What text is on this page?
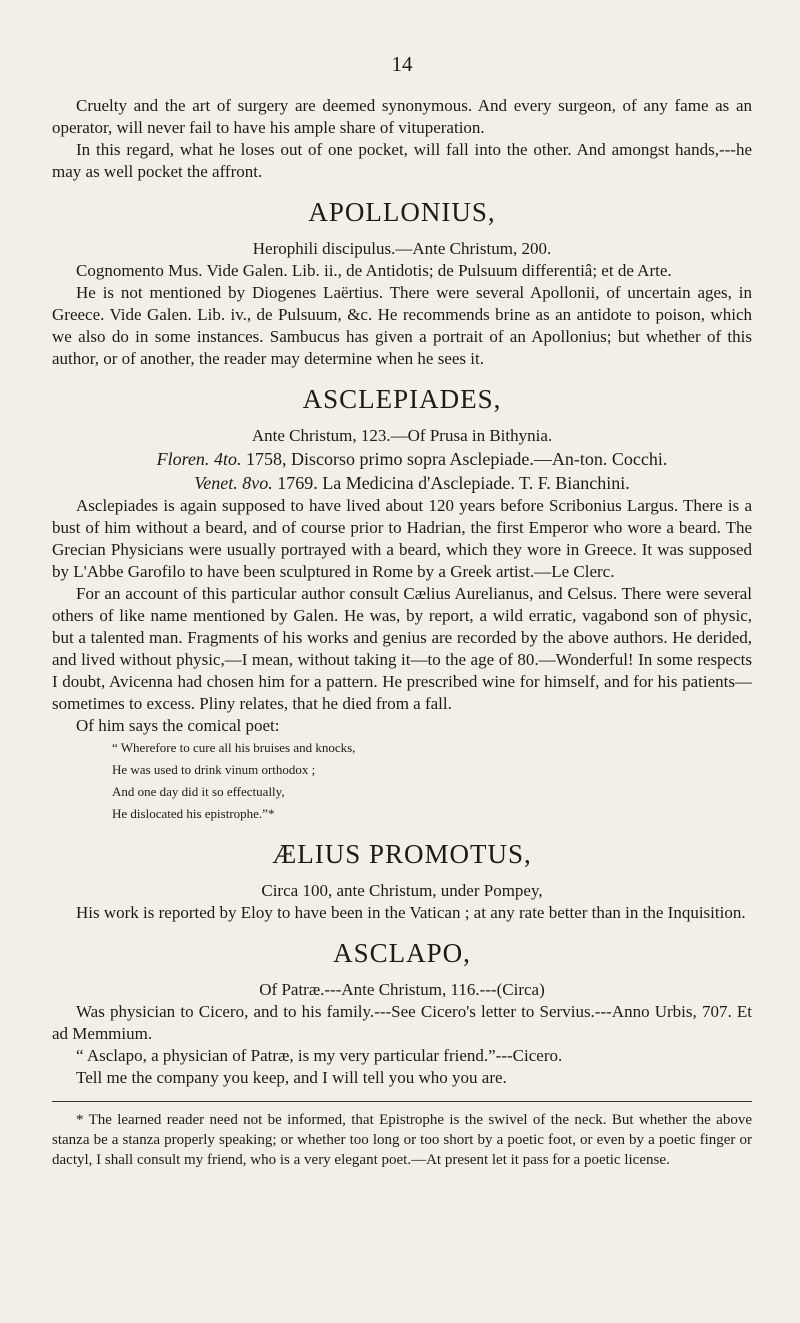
14

Cruelty and the art of surgery are deemed synonymous. And every surgeon, of any fame as an operator, will never fail to have his ample share of vituperation.

In this regard, what he loses out of one pocket, will fall into the other. And amongst hands,---he may as well pocket the affront.

APOLLONIUS,
Herophili discipulus.—Ante Christum, 200.

Cognomento Mus. Vide Galen. Lib. ii., de Antidotis; de Pulsuum differentiâ; et de Arte.

He is not mentioned by Diogenes Laërtius. There were several Apollonii, of uncertain ages, in Greece. Vide Galen. Lib. iv., de Pulsuum, &c. He recommends brine as an antidote to poison, which we also do in some instances. Sambucus has given a portrait of an Apollonius; but whether of this author, or of another, the reader may determine when he sees it.

ASCLEPIADES,
Ante Christum, 123.—Of Prusa in Bithynia.
Floren. 4to. 1758, Discorso primo sopra Asclepiade.—An-ton. Cocchi.
Venet. 8vo. 1769. La Medicina d'Asclepiade. T. F. Bianchini.

Asclepiades is again supposed to have lived about 120 years before Scribonius Largus. There is a bust of him without a beard, and of course prior to Hadrian, the first Emperor who wore a beard. The Grecian Physicians were usually portrayed with a beard, which they wore in Greece. It was supposed by L'Abbe Garofilo to have been sculptured in Rome by a Greek artist.—Le Clerc.

For an account of this particular author consult Cælius Aurelianus, and Celsus. There were several others of like name mentioned by Galen. He was, by report, a wild erratic, vagabond son of physic, but a talented man. Fragments of his works and genius are recorded by the above authors. He derided, and lived without physic,—I mean, without taking it—to the age of 80.—Wonderful! In some respects I doubt, Avicenna had chosen him for a pattern. He prescribed wine for himself, and for his patients—sometimes to excess. Pliny relates, that he died from a fall.

Of him says the comical poet:

“ Wherefore to cure all his bruises and knocks,
He was used to drink vinum orthodox ;
And one day did it so effectually,
He dislocated his epistrophe.”*
ÆLIUS PROMOTUS,
Circa 100, ante Christum, under Pompey,

His work is reported by Eloy to have been in the Vatican ; at any rate better than in the Inquisition.

ASCLAPO,
Of Patræ.---Ante Christum, 116.---(Circa)

Was physician to Cicero, and to his family.---See Cicero's letter to Servius.---Anno Urbis, 707. Et ad Memmium.

“ Asclapo, a physician of Patræ, is my very particular friend.”---Cicero.

Tell me the company you keep, and I will tell you who you are.

* The learned reader need not be informed, that Epistrophe is the swivel of the neck. But whether the above stanza be a stanza properly speaking; or whether too long or too short by a poetic foot, or even by a poetic finger or dactyl, I shall consult my friend, who is a very elegant poet.—At present let it pass for a poetic license.
